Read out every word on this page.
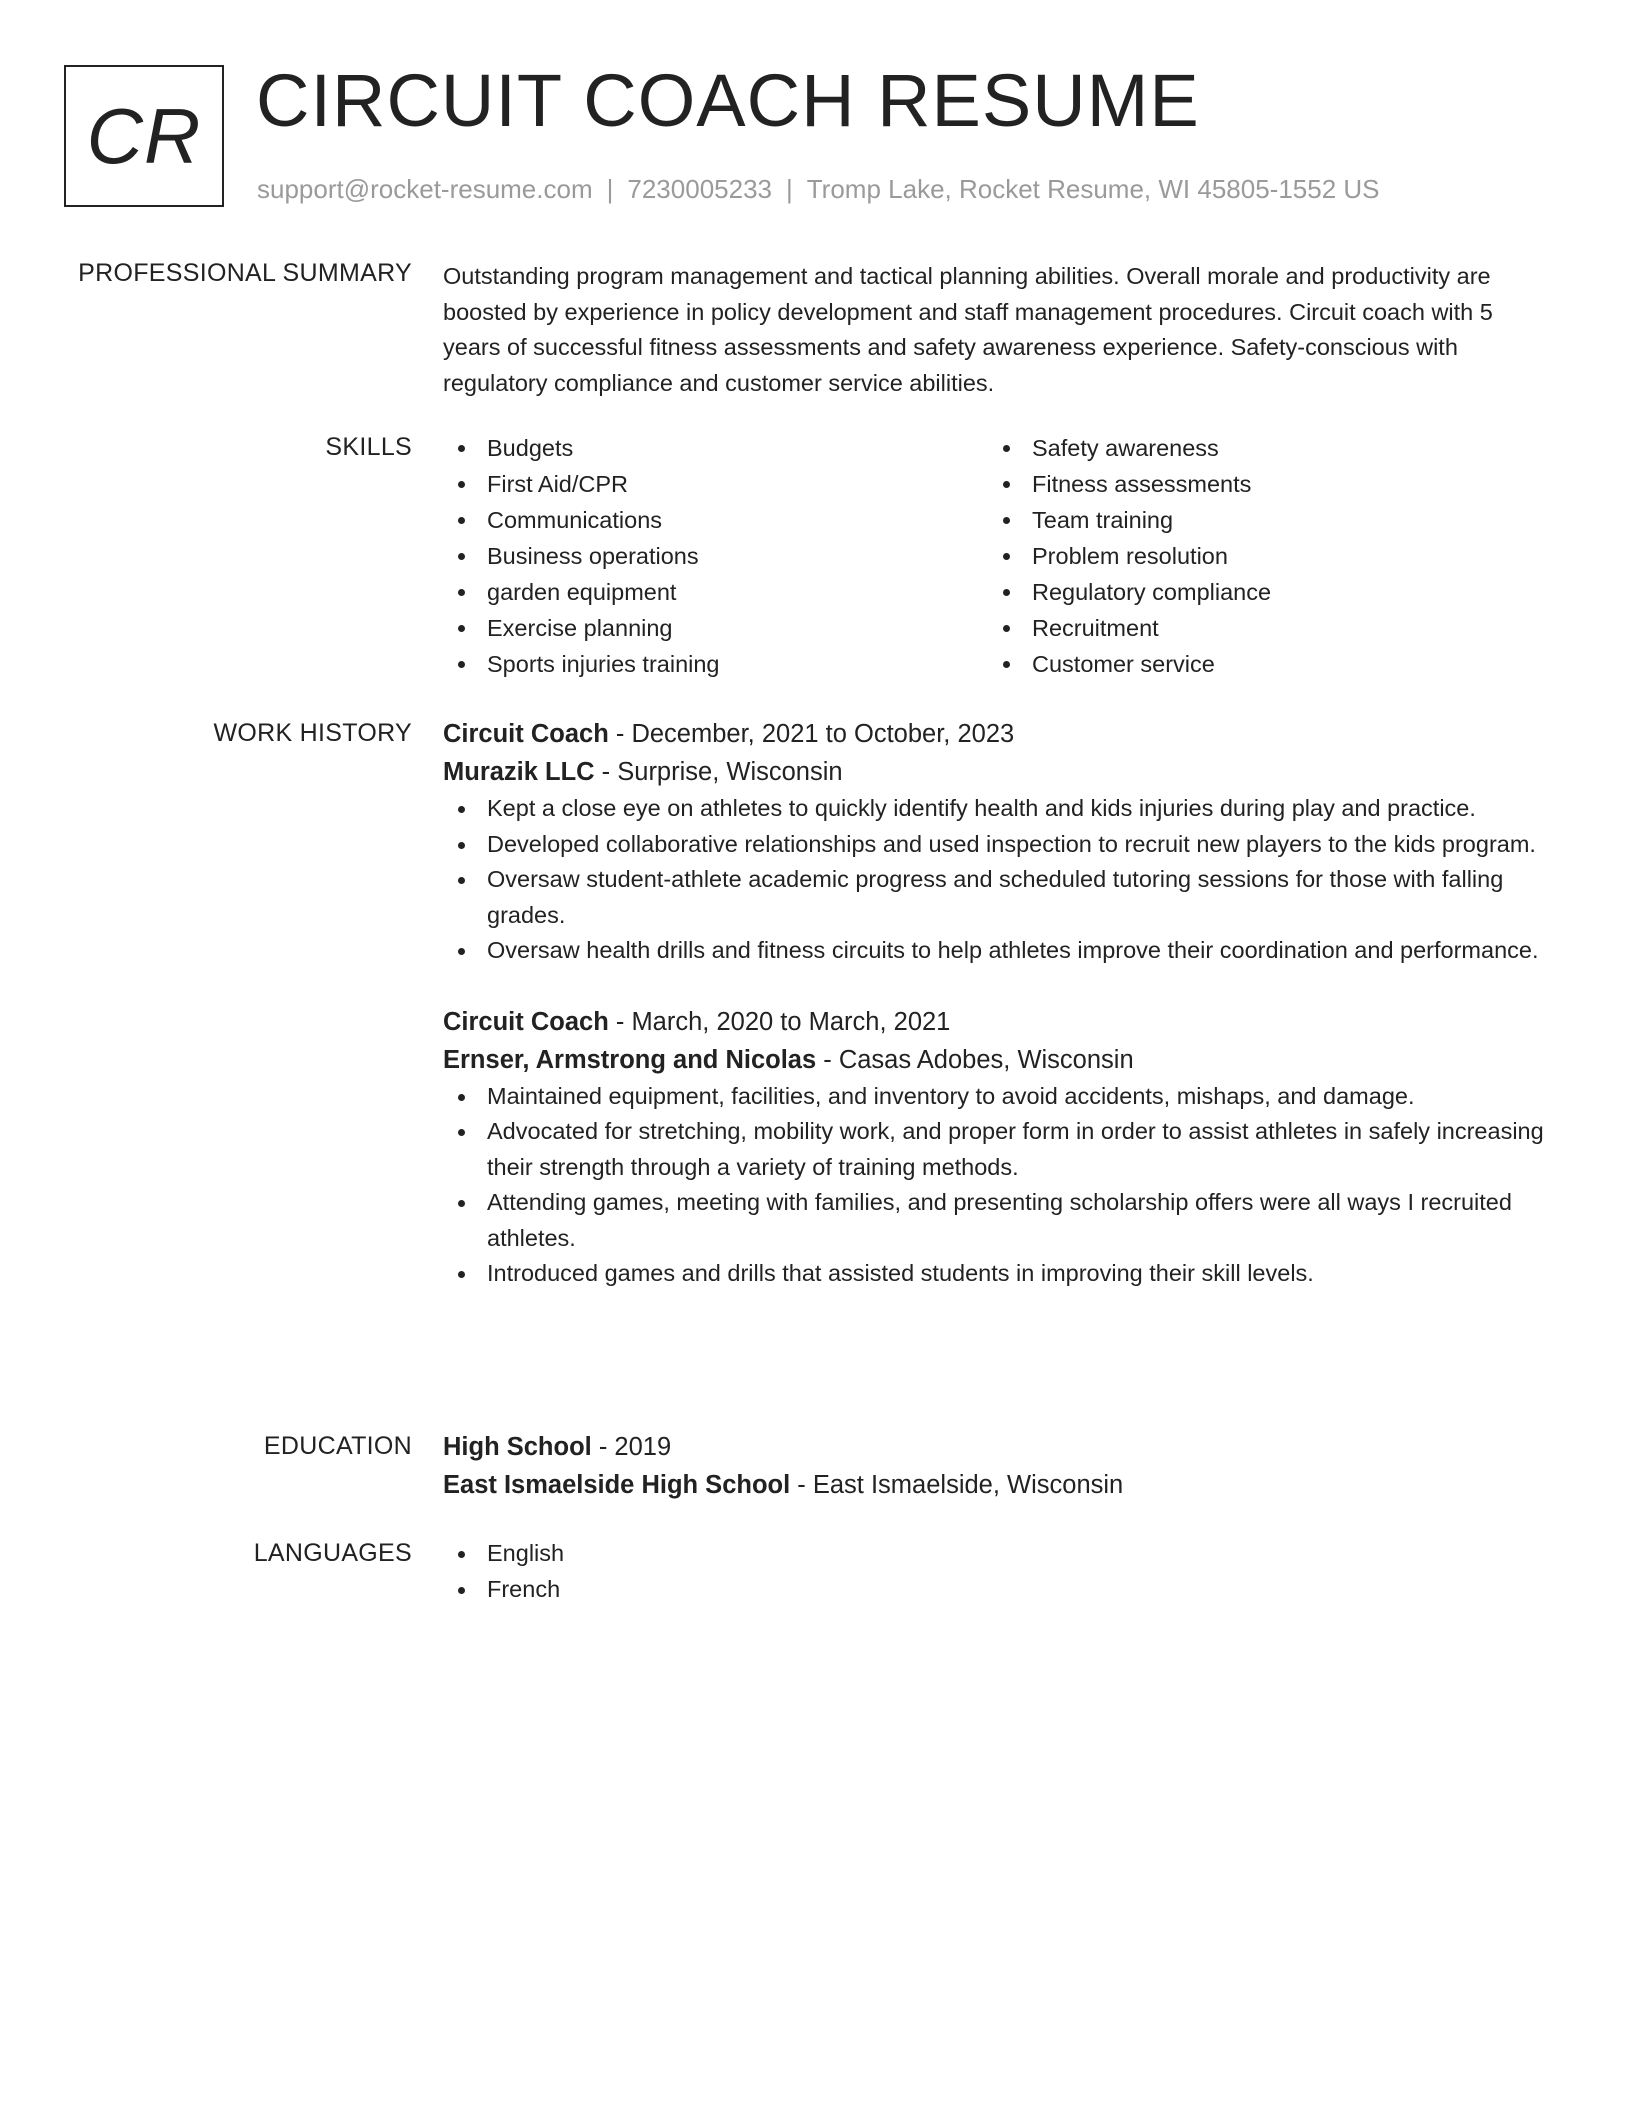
CR CIRCUIT COACH RESUME
support@rocket-resume.com | 7230005233 | Tromp Lake, Rocket Resume, WI 45805-1552 US
PROFESSIONAL SUMMARY Outstanding program management and tactical planning abilities. Overall morale and productivity are boosted by experience in policy development and staff management procedures. Circuit coach with 5 years of successful fitness assessments and safety awareness experience. Safety-conscious with regulatory compliance and customer service abilities.

SKILLS	Budgets
First Aid/CPR
Communications
Business operations
garden equipment
Exercise planning
Sports injuries training
Safety awareness
Fitness assessments
Team training
Problem resolution
Regulatory compliance
Recruitment
Customer service
WORK HISTORY Circuit Coach - December, 2021 to October, 2023
Murazik LLC - Surprise, Wisconsin
Kept a close eye on athletes to quickly identify health and kids injuries during play and practice.
Developed collaborative relationships and used inspection to recruit new players to the kids program.
Oversaw student-athlete academic progress and scheduled tutoring sessions for those with falling grades.
Oversaw health drills and fitness circuits to help athletes improve their coordination and performance.
Circuit Coach - March, 2020 to March, 2021
Ernser, Armstrong and Nicolas - Casas Adobes, Wisconsin
Maintained equipment, facilities, and inventory to avoid accidents, mishaps, and damage.
Advocated for stretching, mobility work, and proper form in order to assist athletes in safely increasing their strength through a variety of training methods.
Attending games, meeting with families, and presenting scholarship offers were all ways I recruited athletes.
Introduced games and drills that assisted students in improving their skill levels.
EDUCATION High School - 2019
East Ismaelside High School - East Ismaelside, Wisconsin
LANGUAGES	English
French
